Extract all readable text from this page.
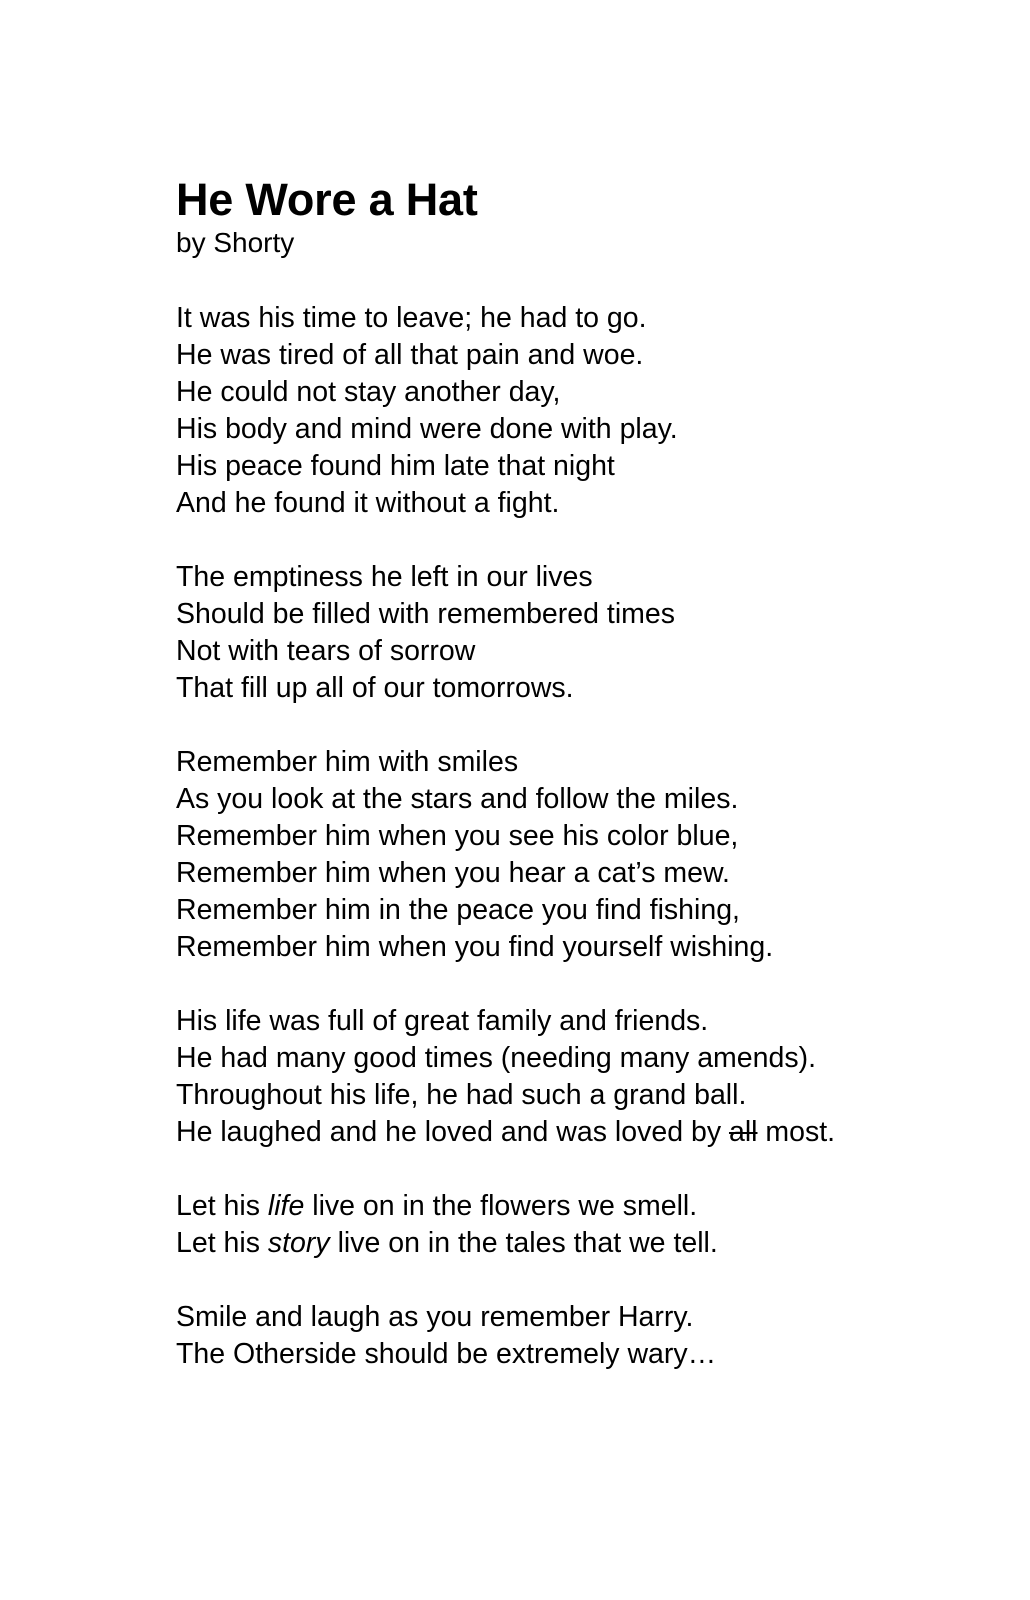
He Wore a Hat
by Shorty
It was his time to leave; he had to go.
He was tired of all that pain and woe.
He could not stay another day,
His body and mind were done with play.
His peace found him late that night
And he found it without a fight.
The emptiness he left in our lives
Should be filled with remembered times
Not with tears of sorrow
That fill up all of our tomorrows.
Remember him with smiles
As you look at the stars and follow the miles.
Remember him when you see his color blue,
Remember him when you hear a cat’s mew.
Remember him in the peace you find fishing,
Remember him when you find yourself wishing.
His life was full of great family and friends.
He had many good times (needing many amends).
Throughout his life, he had such a grand ball.
He laughed and he loved and was loved by all most.
Let his life live on in the flowers we smell.
Let his story live on in the tales that we tell.
Smile and laugh as you remember Harry.
The Otherside should be extremely wary…
